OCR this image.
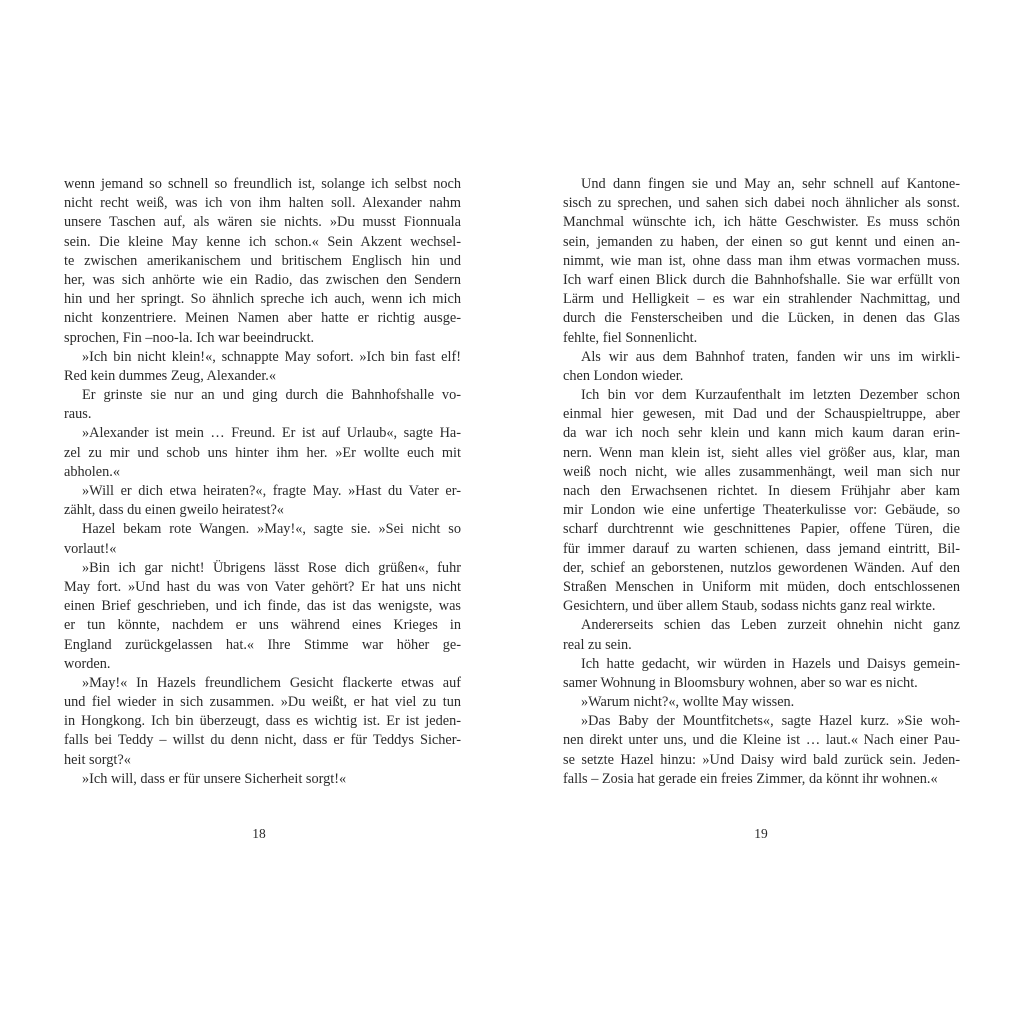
wenn jemand so schnell so freundlich ist, solange ich selbst noch
nicht recht weiß, was ich von ihm halten soll. Alexander nahm
unsere Taschen auf, als wären sie nichts. »Du musst Fionnuala
sein. Die kleine May kenne ich schon.« Sein Akzent wechsel-
te zwischen amerikanischem und britischem Englisch hin und
her, was sich anhörte wie ein Radio, das zwischen den Sendern
hin und her springt. So ähnlich spreche ich auch, wenn ich mich
nicht konzentriere. Meinen Namen aber hatte er richtig ausge-
sprochen, Fin –noo-la. Ich war beeindruckt.
»Ich bin nicht klein!«, schnappte May sofort. »Ich bin fast elf!
Red kein dummes Zeug, Alexander.«
Er grinste sie nur an und ging durch die Bahnhofshalle vo-
raus.
»Alexander ist mein … Freund. Er ist auf Urlaub«, sagte Ha-
zel zu mir und schob uns hinter ihm her. »Er wollte euch mit
abholen.«
»Will er dich etwa heiraten?«, fragte May. »Hast du Vater er-
zählt, dass du einen gweilo heiratest?«
Hazel bekam rote Wangen. »May!«, sagte sie. »Sei nicht so
vorlaut!«
»Bin ich gar nicht! Übrigens lässt Rose dich grüßen«, fuhr
May fort. »Und hast du was von Vater gehört? Er hat uns nicht
einen Brief geschrieben, und ich finde, das ist das wenigste, was
er tun könnte, nachdem er uns während eines Krieges in
England zurückgelassen hat.« Ihre Stimme war höher ge-
worden.
»May!« In Hazels freundlichem Gesicht flackerte etwas auf
und fiel wieder in sich zusammen. »Du weißt, er hat viel zu tun
in Hongkong. Ich bin überzeugt, dass es wichtig ist. Er ist jeden-
falls bei Teddy – willst du denn nicht, dass er für Teddys Sicher-
heit sorgt?«
»Ich will, dass er für unsere Sicherheit sorgt!«
18
Und dann fingen sie und May an, sehr schnell auf Kantone-
sisch zu sprechen, und sahen sich dabei noch ähnlicher als sonst.
Manchmal wünschte ich, ich hätte Geschwister. Es muss schön
sein, jemanden zu haben, der einen so gut kennt und einen an-
nimmt, wie man ist, ohne dass man ihm etwas vormachen muss.
Ich warf einen Blick durch die Bahnhofshalle. Sie war erfüllt von
Lärm und Helligkeit – es war ein strahlender Nachmittag, und
durch die Fensterscheiben und die Lücken, in denen das Glas
fehlte, fiel Sonnenlicht.
Als wir aus dem Bahnhof traten, fanden wir uns im wirkli-
chen London wieder.
Ich bin vor dem Kurzaufenthalt im letzten Dezember schon
einmal hier gewesen, mit Dad und der Schauspieltruppe, aber
da war ich noch sehr klein und kann mich kaum daran erin-
nern. Wenn man klein ist, sieht alles viel größer aus, klar, man
weiß noch nicht, wie alles zusammenhängt, weil man sich nur
nach den Erwachsenen richtet. In diesem Frühjahr aber kam
mir London wie eine unfertige Theaterkulisse vor: Gebäude, so
scharf durchtrennt wie geschnittenes Papier, offene Türen, die
für immer darauf zu warten schienen, dass jemand eintritt, Bil-
der, schief an geborstenen, nutzlos gewordenen Wänden. Auf den
Straßen Menschen in Uniform mit müden, doch entschlossenen
Gesichtern, und über allem Staub, sodass nichts ganz real wirkte.
Andererseits schien das Leben zurzeit ohnehin nicht ganz
real zu sein.
Ich hatte gedacht, wir würden in Hazels und Daisys gemein-
samer Wohnung in Bloomsbury wohnen, aber so war es nicht.
»Warum nicht?«, wollte May wissen.
»Das Baby der Mountfitchets«, sagte Hazel kurz. »Sie woh-
nen direkt unter uns, und die Kleine ist … laut.« Nach einer Pau-
se setzte Hazel hinzu: »Und Daisy wird bald zurück sein. Jeden-
falls – Zosia hat gerade ein freies Zimmer, da könnt ihr wohnen.«
19
